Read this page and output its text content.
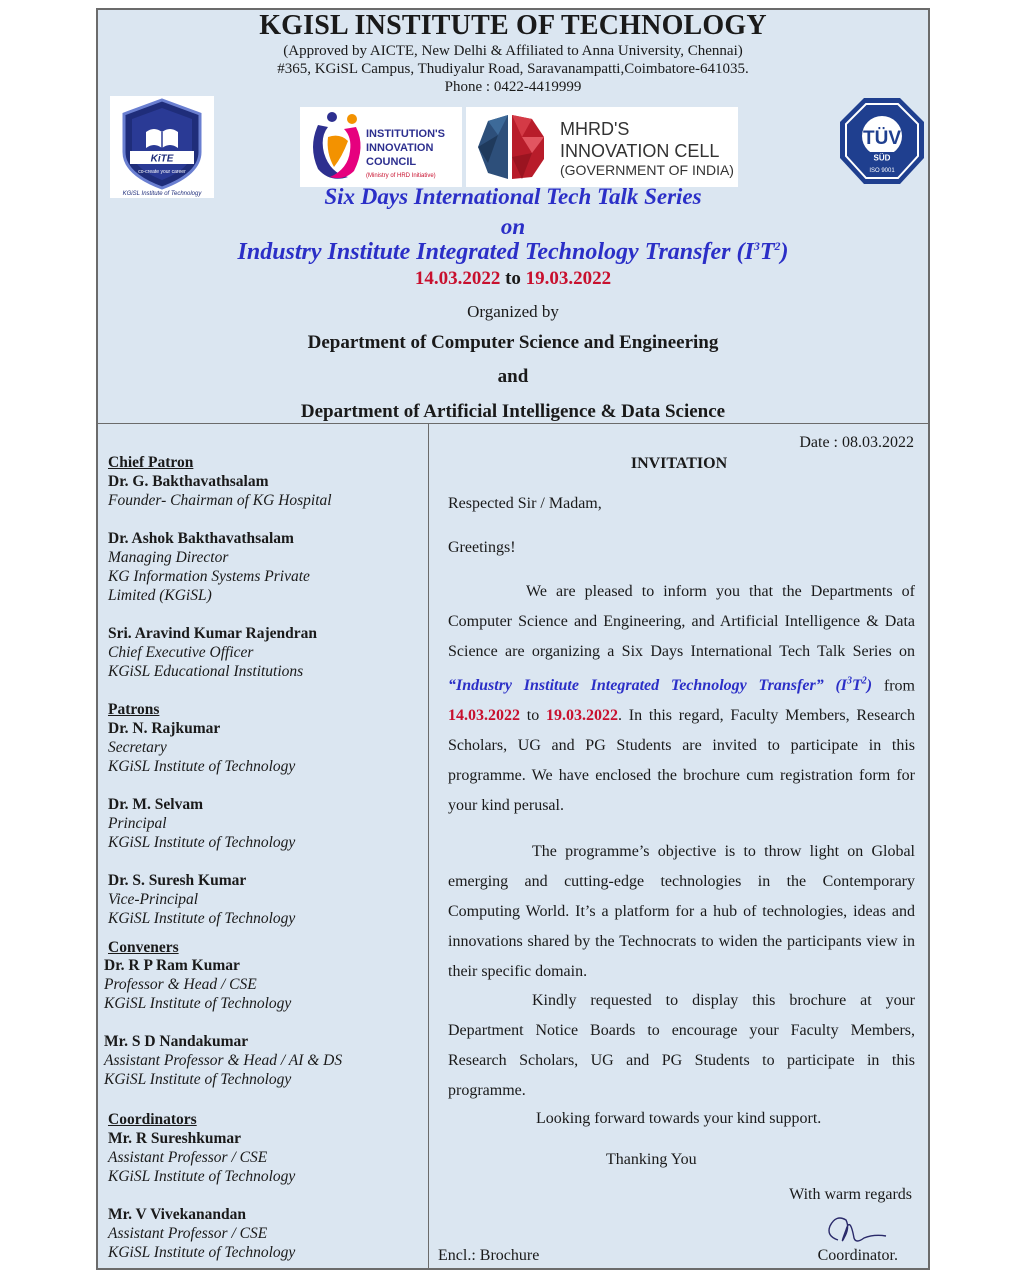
KGISL INSTITUTE OF TECHNOLOGY
(Approved by AICTE, New Delhi & Affiliated to Anna University, Chennai)
#365, KGiSL Campus, Thudiyalur Road, Saravanampatti,Coimbatore-641035.
Phone : 0422-4419999
KiTE
co-create your career
KGiSL Institute of Technology
INSTITUTION'S
INNOVATION
COUNCIL
(Ministry of HRD Initiative)
MHRD'S
INNOVATION CELL
(GOVERNMENT OF INDIA)
TÜV
SÜD
ISO 9001
Six Days International Tech Talk Series
on
Industry Institute Integrated Technology Transfer $(I^3T^2)$
14.03.2022 to 19.03.2022
Organized by
Department of Computer Science and Engineering
and
Department of Artificial Intelligence & Data Science
Chief Patron
Dr. G. Bakthavathsalam
Founder- Chairman of KG Hospital
Dr. Ashok Bakthavathsalam
Managing Director
KG Information Systems Private
Limited (KGiSL)
Sri. Aravind Kumar Rajendran
Chief Executive Officer
KGiSL Educational Institutions
Patrons
Dr. N. Rajkumar
Secretary
KGiSL Institute of Technology
Dr. M. Selvam
Principal
KGiSL Institute of Technology
Dr. S. Suresh Kumar
Vice-Principal
KGiSL Institute of Technology
Conveners
Dr. R P Ram Kumar
Professor & Head / CSE
KGiSL Institute of Technology
Mr. S D Nandakumar
Assistant Professor & Head / AI & DS
KGiSL Institute of Technology
Coordinators
Mr. R Sureshkumar
Assistant Professor / CSE
KGiSL Institute of Technology
Mr. V Vivekanandan
Assistant Professor / CSE
KGiSL Institute of Technology
Date : 08.03.2022
INVITATION
Respected Sir / Madam,
Greetings!
We are pleased to inform you that the Departments of Computer Science and Engineering, and Artificial Intelligence & Data Science are organizing a Six Days International Tech Talk Series on “Industry Institute Integrated Technology Transfer” $(I^3T^2)$ from 14.03.2022 to 19.03.2022. In this regard, Faculty Members, Research Scholars, UG and PG Students are invited to participate in this programme. We have enclosed the brochure cum registration form for your kind perusal.
The programme’s objective is to throw light on Global emerging and cutting-edge technologies in the Contemporary Computing World. It’s a platform for a hub of technologies, ideas and innovations shared by the Technocrats to widen the participants view in their specific domain.
Kindly requested to display this brochure at your Department Notice Boards to encourage your Faculty Members, Research Scholars, UG and PG Students to participate in this programme.
Looking forward towards your kind support.
Thanking You
With warm regards
Encl.: Brochure	Coordinator.
